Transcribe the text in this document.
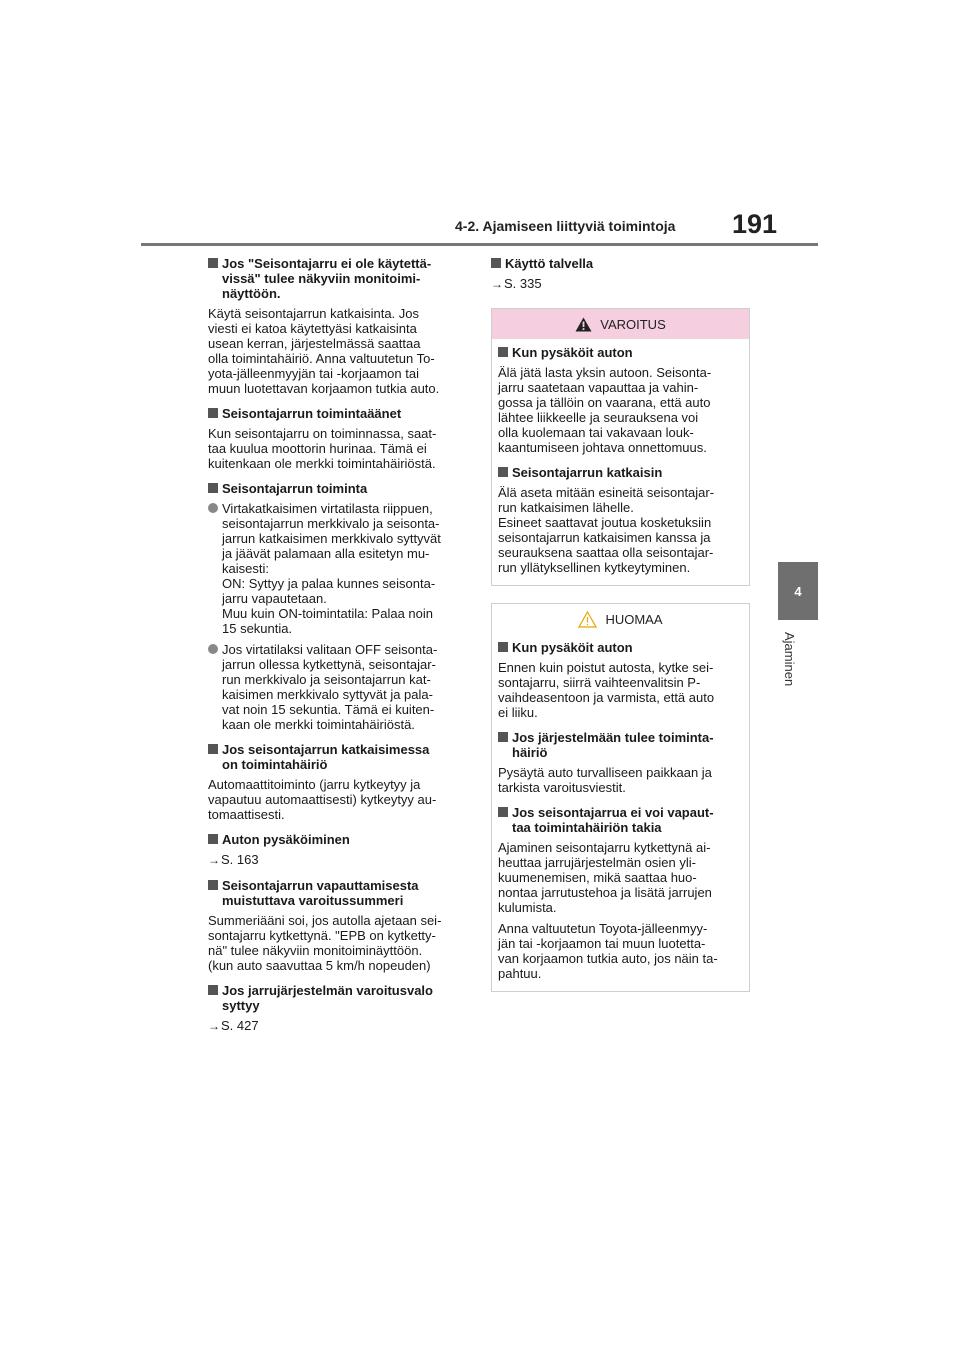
4-2. Ajamiseen liittyviä toimintoja 191
4
Ajaminen
Jos "Seisontajarru ei ole käytettä-
vissä" tulee näkyviin monitoimi-
näyttöön.

Käytä seisontajarrun katkaisinta. Jos
viesti ei katoa käytettyäsi katkaisinta
usean kerran, järjestelmässä saattaa
olla toimintahäiriö. Anna valtuutetun To-
yota-jälleenmyyjän tai -korjaamon tai
muun luotettavan korjaamon tutkia auto.

Seisontajarrun toimintaäänet

Kun seisontajarru on toiminnassa, saat-
taa kuulua moottorin hurinaa. Tämä ei
kuitenkaan ole merkki toimintahäiriöstä.

Seisontajarrun toiminta
Virtakatkaisimen virtatilasta riippuen,
seisontajarrun merkkivalo ja seisonta-
jarrun katkaisimen merkkivalo syttyvät
ja jäävät palamaan alla esitetyn mu-
kaisesti:
ON: Syttyy ja palaa kunnes seisonta-
jarru vapautetaan.
Muu kuin ON-toimintatila: Palaa noin
15 sekuntia.
Jos virtatilaksi valitaan OFF seisonta-
jarrun ollessa kytkettynä, seisontajar-
run merkkivalo ja seisontajarrun kat-
kaisimen merkkivalo syttyvät ja pala-
vat noin 15 sekuntia. Tämä ei kuiten-
kaan ole merkki toimintahäiriöstä.
Jos seisontajarrun katkaisimessa
on toimintahäiriö

Automaattitoiminto (jarru kytkeytyy ja
vapautuu automaattisesti) kytkeytyy au-
tomaattisesti.

Auton pysäköiminen

→S. 163

Seisontajarrun vapauttamisesta
muistuttava varoitussummeri

Summeriääni soi, jos autolla ajetaan sei-
sontajarru kytkettynä. "EPB on kytketty-
nä" tulee näkyviin monitoiminäyttöön.
(kun auto saavuttaa 5 km/h nopeuden)

Jos jarrujärjestelmän varoitusvalo
syttyy

→S. 427

Käyttö talvella

→S. 335

VAROITUS
Kun pysäköit auton

Älä jätä lasta yksin autoon. Seisonta-
jarru saatetaan vapauttaa ja vahin-
gossa ja tällöin on vaarana, että auto
lähtee liikkeelle ja seurauksena voi
olla kuolemaan tai vakavaan louk-
kaantumiseen johtava onnettomuus.

Seisontajarrun katkaisin

Älä aseta mitään esineitä seisontajar-
run katkaisimen lähelle.
Esineet saattavat joutua kosketuksiin
seisontajarrun katkaisimen kanssa ja
seurauksena saattaa olla seisontajar-
run yllätyksellinen kytkeytyminen.

HUOMAA
Kun pysäköit auton

Ennen kuin poistut autosta, kytke sei-
sontajarru, siirrä vaihteenvalitsin P-
vaihdeasentoon ja varmista, että auto
ei liiku.

Jos järjestelmään tulee toiminta-
häiriö

Pysäytä auto turvalliseen paikkaan ja
tarkista varoitusviestit.

Jos seisontajarrua ei voi vapaut-
taa toimintahäiriön takia

Ajaminen seisontajarru kytkettynä ai-
heuttaa jarrujärjestelmän osien yli-
kuumenemisen, mikä saattaa huo-
nontaa jarrutustehoa ja lisätä jarrujen
kulumista.

Anna valtuutetun Toyota-jälleenmyy-
jän tai -korjaamon tai muun luotetta-
van korjaamon tutkia auto, jos näin ta-
pahtuu.
